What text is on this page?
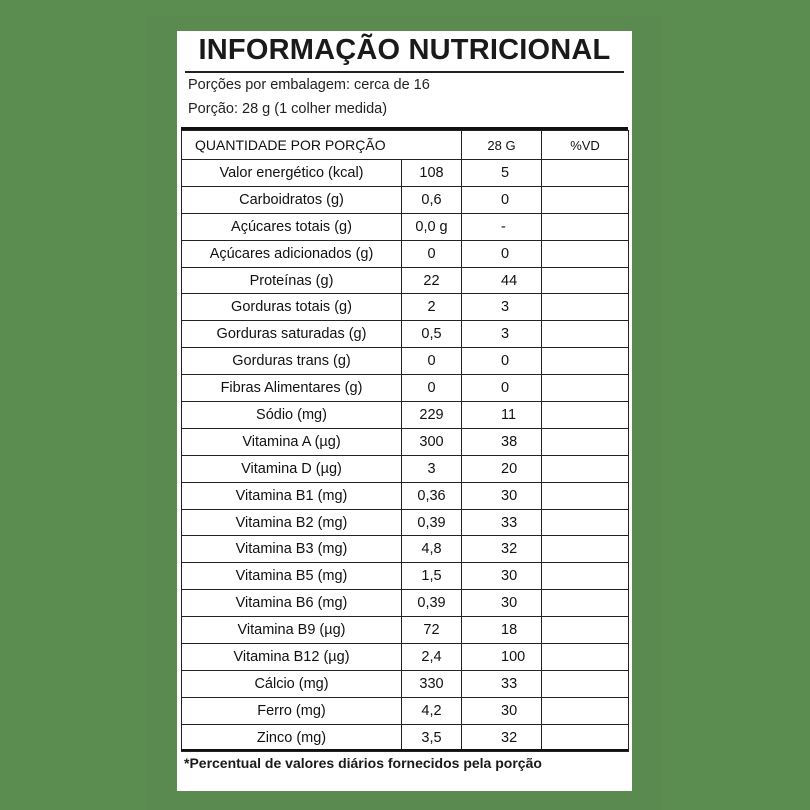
INFORMAÇÃO NUTRICIONAL
Porções por embalagem: cerca de 16
Porção: 28 g (1 colher medida)
QUANTIDADE POR PORÇÃO		28 G	%VD
Valor energético (kcal)	108	5	
Carboidratos (g)	0,6	0	
Açúcares totais (g)	0,0 g	-	
Açúcares adicionados (g)	0	0	
Proteínas (g)	22	44	
Gorduras totais (g)	2	3	
Gorduras saturadas (g)	0,5	3	
Gorduras trans (g)	0	0	
Fibras Alimentares (g)	0	0	
Sódio (mg)	229	11	
Vitamina A (µg)	300	38	
Vitamina D (µg)	3	20	
Vitamina B1 (mg)	0,36	30	
Vitamina B2 (mg)	0,39	33	
Vitamina B3 (mg)	4,8	32	
Vitamina B5 (mg)	1,5	30	
Vitamina B6 (mg)	0,39	30	
Vitamina B9 (µg)	72	18	
Vitamina B12 (µg)	2,4	100	
Cálcio (mg)	330	33	
Ferro (mg)	4,2	30	
Zinco (mg)	3,5	32	
*Percentual de valores diários fornecidos pela porção
